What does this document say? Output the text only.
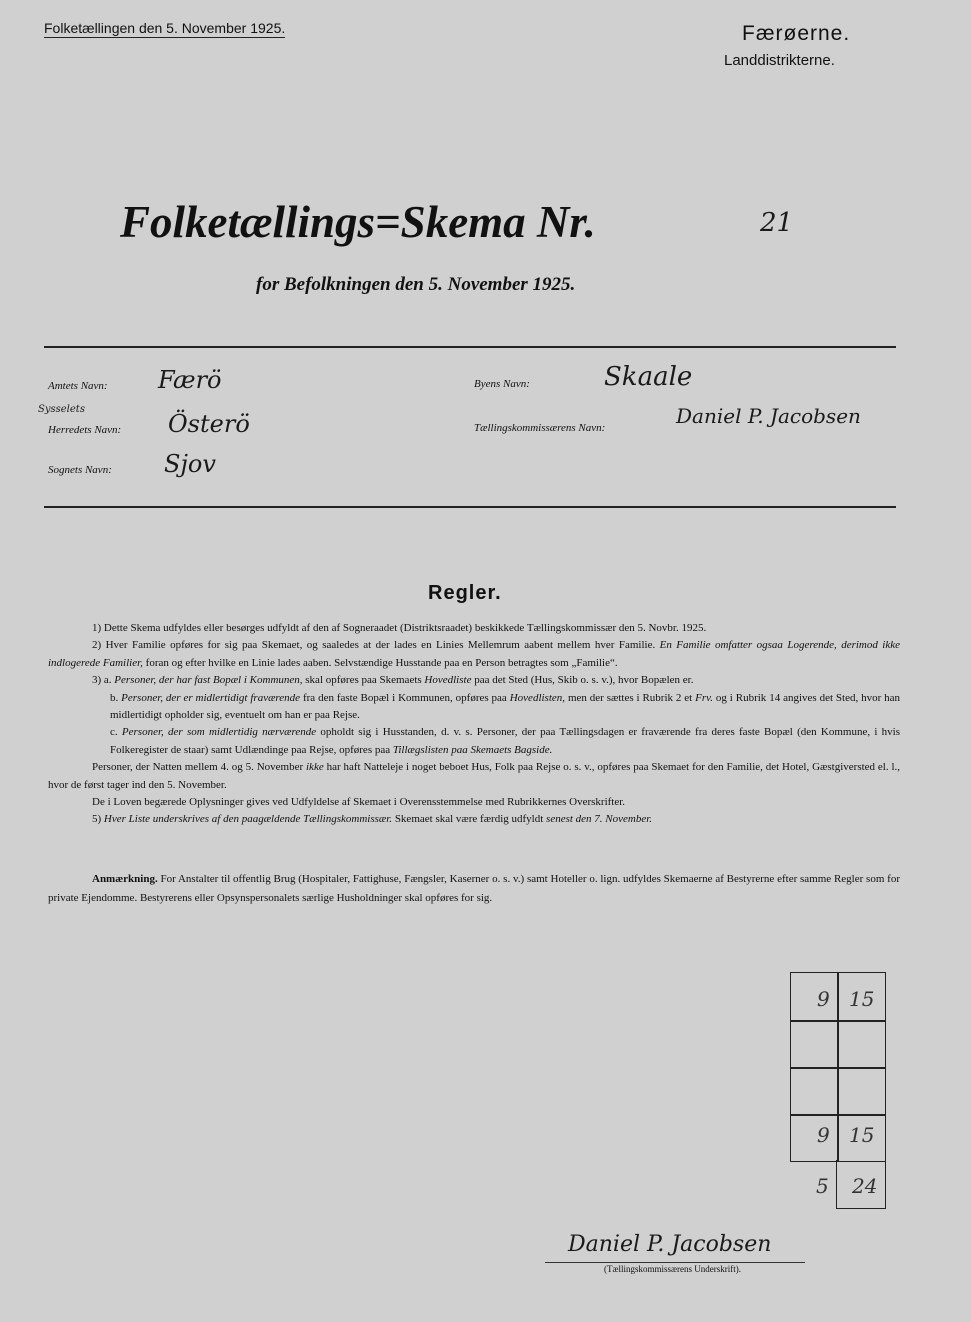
Folketællingen den 5. November 1925.	Færøerne.
Landdistrikterne.
Folketællings=Skema Nr.	21
for Befolkningen den 5. November 1925.
Amtets Navn: Færö
Sysselets
Herredets Navn: Österö
Sognets Navn: Sjov
Byens Navn:	Skaale
Tællingskommissærens Navn:	Daniel P. Jacobsen
Regler.

1) Dette Skema udfyldes eller besørges udfyldt af den af Sogneraadet (Distriktsraadet) beskikkede Tællingskommissær den 5. Novbr. 1925.

2) Hver Familie opføres for sig paa Skemaet, og saaledes at der lades en Linies Mellemrum aabent mellem hver Familie. En Familie omfatter ogsaa Logerende, derimod ikke indlogerede Familier, foran og efter hvilke en Linie lades aaben. Selvstændige Husstande paa en Person betragtes som „Familie“.

3) a. Personer, der har fast Bopæl i Kommunen, skal opføres paa Skemaets Hovedliste paa det Sted (Hus, Skib o. s. v.), hvor Bopælen er.

b. Personer, der er midlertidigt fraværende fra den faste Bopæl i Kommunen, opføres paa Hovedlisten, men der sættes i Rubrik 2 et Frv. og i Rubrik 14 angives det Sted, hvor han midlertidigt opholder sig, eventuelt om han er paa Rejse.

c. Personer, der som midlertidig nærværende opholdt sig i Husstanden, d. v. s. Personer, der paa Tællingsdagen er fraværende fra deres faste Bopæl (den Kommune, i hvis Folkeregister de staar) samt Udlændinge paa Rejse, opføres paa Tillægslisten paa Skemaets Bagside.

Personer, der Natten mellem 4. og 5. November ikke har haft Natteleje i noget beboet Hus, Folk paa Rejse o. s. v., opføres paa Skemaet for den Familie, det Hotel, Gæstgiversted el. l., hvor de først tager ind den 5. November.

De i Loven begærede Oplysninger gives ved Udfyldelse af Skemaet i Overensstemmelse med Rubrikkernes Overskrifter.

5) Hver Liste underskrives af den paagældende Tællingskommissær. Skemaet skal være færdig udfyldt senest den 7. November.

Anmærkning. For Anstalter til offentlig Brug (Hospitaler, Fattighuse, Fængsler, Kaserner o. s. v.) samt Hoteller o. lign. udfyldes Skemaerne af Bestyrerne efter samme Regler som for private Ejendomme. Bestyrerens eller Opsynspersonalets særlige Husholdninger skal opføres for sig.
9 15
9 15
5 24
Daniel P. Jacobsen
(Tællingskommissærens Underskrift).
